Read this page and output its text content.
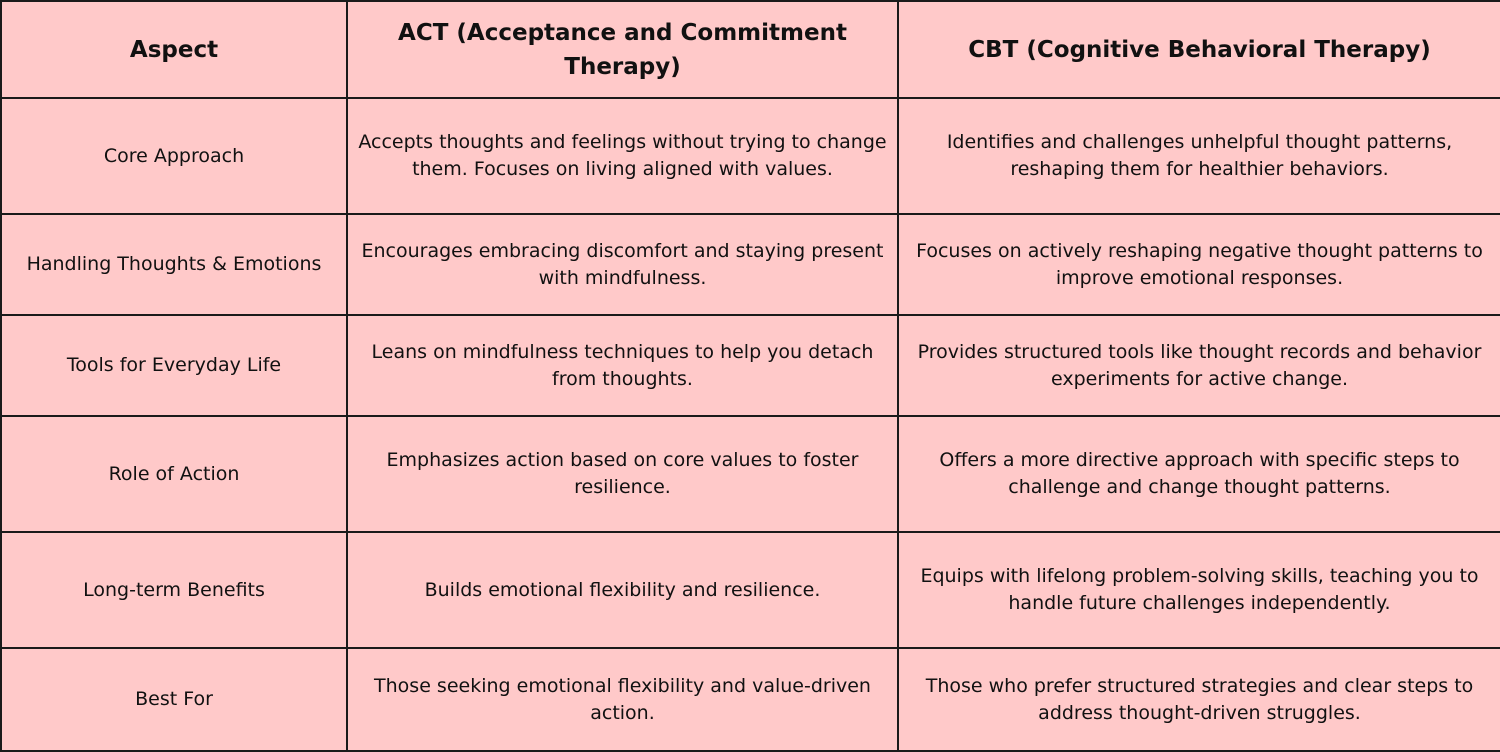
Aspect	ACT (Acceptance and Commitment Therapy)	CBT (Cognitive Behavioral Therapy)
Core Approach	Accepts thoughts and feelings without trying to change them. Focuses on living aligned with values.	Identifies and challenges unhelpful thought patterns, reshaping them for healthier behaviors.
Handling Thoughts & Emotions	Encourages embracing discomfort and staying present with mindfulness.	Focuses on actively reshaping negative thought patterns to improve emotional responses.
Tools for Everyday Life	Leans on mindfulness techniques to help you detach from thoughts.	Provides structured tools like thought records and behavior experiments for active change.
Role of Action	Emphasizes action based on core values to foster resilience.	Offers a more directive approach with specific steps to challenge and change thought patterns.
Long-term Benefits	Builds emotional flexibility and resilience.	Equips with lifelong problem-solving skills, teaching you to handle future challenges independently.
Best For	Those seeking emotional flexibility and value-driven action.	Those who prefer structured strategies and clear steps to address thought-driven struggles.
